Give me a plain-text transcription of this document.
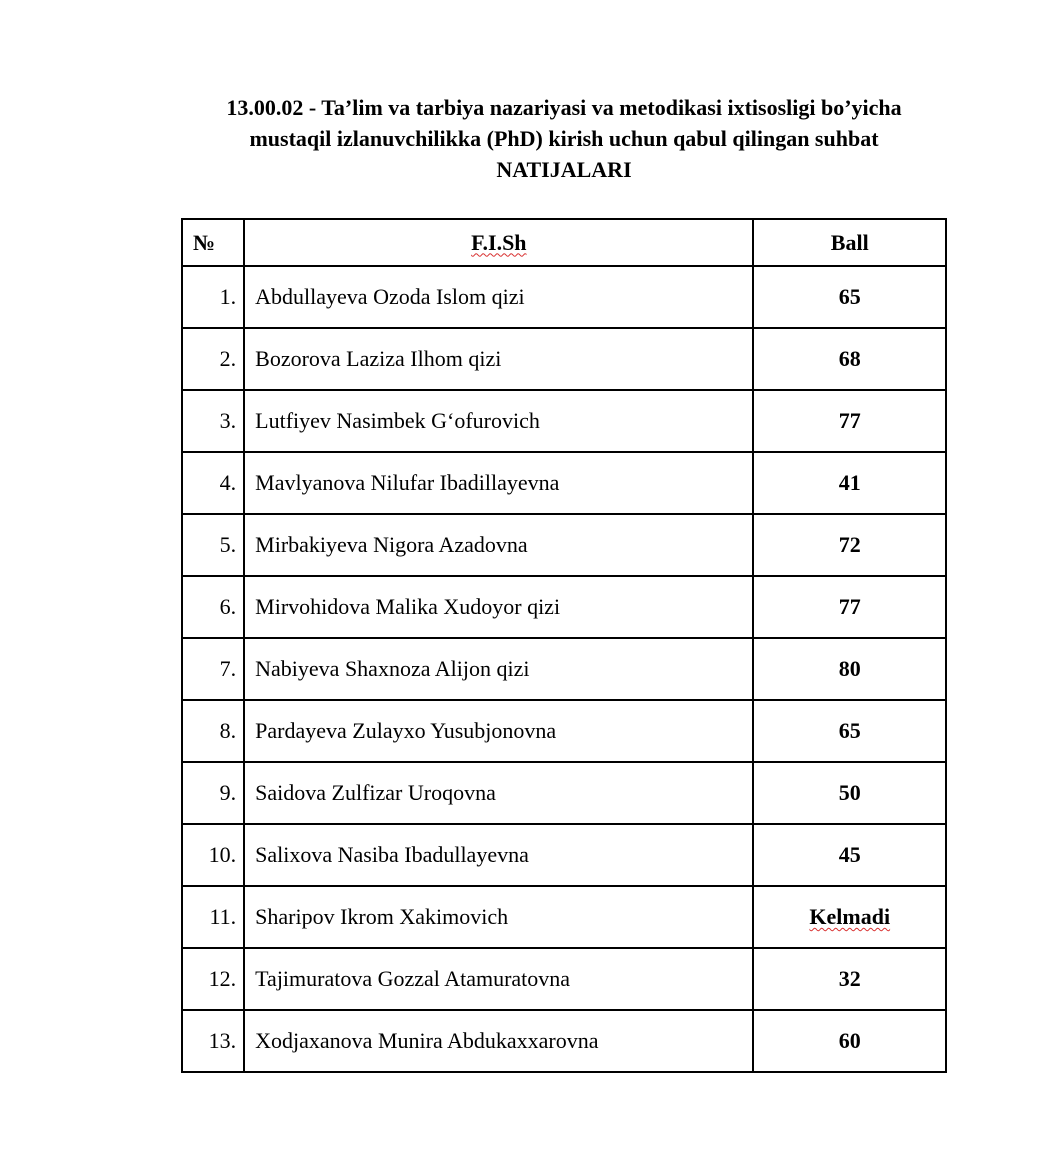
13.00.02 - Ta’lim va tarbiya nazariyasi va metodikasi ixtisosligi bo’yicha
mustaqil izlanuvchilikka (PhD) kirish uchun qabul qilingan suhbat
NATIJALARI
№	F.I.Sh	Ball
1.	Abdullayeva Ozoda Islom qizi	65
2.	Bozorova Laziza Ilhom qizi	68
3.	Lutfiyev Nasimbek G‘ofurovich	77
4.	Mavlyanova Nilufar Ibadillayevna	41
5.	Mirbakiyeva Nigora Azadovna	72
6.	Mirvohidova Malika Xudoyor qizi	77
7.	Nabiyeva Shaxnoza Alijon qizi	80
8.	Pardayeva Zulayxo Yusubjonovna	65
9.	Saidova Zulfizar Uroqovna	50
10.	Salixova Nasiba Ibadullayevna	45
11.	Sharipov Ikrom Xakimovich	Kelmadi
12.	Tajimuratova Gozzal Atamuratovna	32
13.	Xodjaxanova Munira Abdukaxxarovna	60
